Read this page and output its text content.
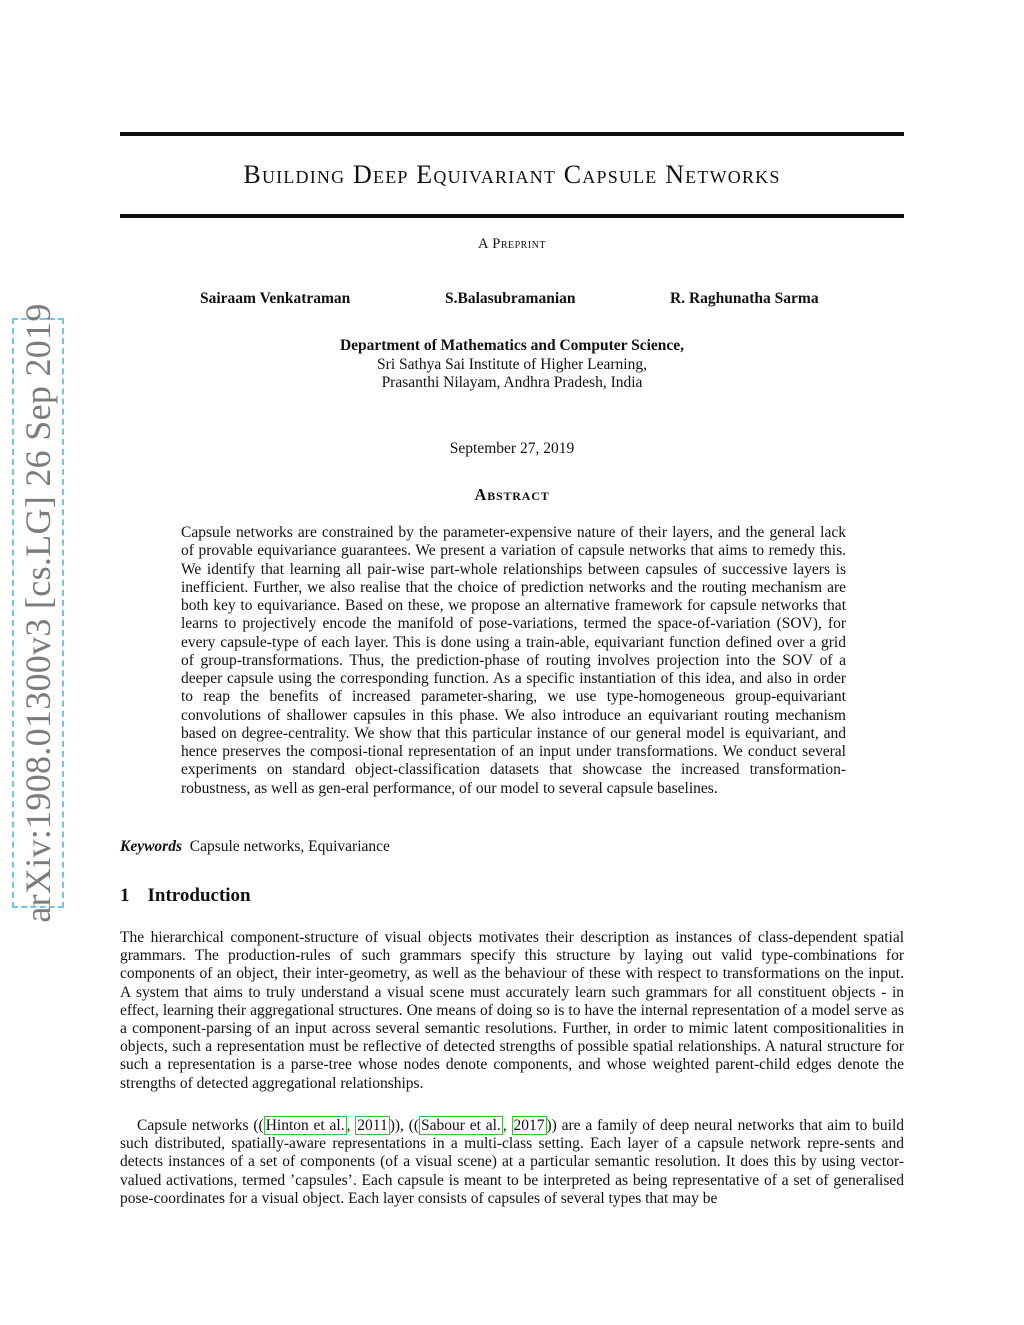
arXiv:1908.01300v3 [cs.LG] 26 Sep 2019
Building Deep Equivariant Capsule Networks
A Preprint
Sairaam Venkatraman	S.Balasubramanian	R. Raghunatha Sarma
Department of Mathematics and Computer Science,
Sri Sathya Sai Institute of Higher Learning,
Prasanthi Nilayam, Andhra Pradesh, India
September 27, 2019
Abstract
Capsule networks are constrained by the parameter-expensive nature of their layers, and the general lack of provable equivariance guarantees. We present a variation of capsule networks that aims to remedy this. We identify that learning all pair-wise part-whole relationships between capsules of successive layers is inefficient. Further, we also realise that the choice of prediction networks and the routing mechanism are both key to equivariance. Based on these, we propose an alternative framework for capsule networks that learns to projectively encode the manifold of pose-variations, termed the space-of-variation (SOV), for every capsule-type of each layer. This is done using a train-able, equivariant function defined over a grid of group-transformations. Thus, the prediction-phase of routing involves projection into the SOV of a deeper capsule using the corresponding function. As a specific instantiation of this idea, and also in order to reap the benefits of increased parameter-sharing, we use type-homogeneous group-equivariant convolutions of shallower capsules in this phase. We also introduce an equivariant routing mechanism based on degree-centrality. We show that this particular instance of our general model is equivariant, and hence preserves the composi-tional representation of an input under transformations. We conduct several experiments on standard object-classification datasets that showcase the increased transformation-robustness, as well as gen-eral performance, of our model to several capsule baselines.
Keywords Capsule networks, Equivariance
1 Introduction
The hierarchical component-structure of visual objects motivates their description as instances of class-dependent spatial grammars. The production-rules of such grammars specify this structure by laying out valid type-combinations for components of an object, their inter-geometry, as well as the behaviour of these with respect to transformations on the input. A system that aims to truly understand a visual scene must accurately learn such grammars for all constituent objects - in effect, learning their aggregational structures. One means of doing so is to have the internal representation of a model serve as a component-parsing of an input across several semantic resolutions. Further, in order to mimic latent compositionalities in objects, such a representation must be reflective of detected strengths of possible spatial relationships. A natural structure for such a representation is a parse-tree whose nodes denote components, and whose weighted parent-child edges denote the strengths of detected aggregational relationships.
Capsule networks (( Hinton et al. , 2011 )), (( Sabour et al. , 2017 )) are a family of deep neural networks that aim to build such distributed, spatially-aware representations in a multi-class setting. Each layer of a capsule network repre-sents and detects instances of a set of components (of a visual scene) at a particular semantic resolution. It does this by using vector-valued activations, termed ’capsules’. Each capsule is meant to be interpreted as being representative of a set of generalised pose-coordinates for a visual object. Each layer consists of capsules of several types that may be
